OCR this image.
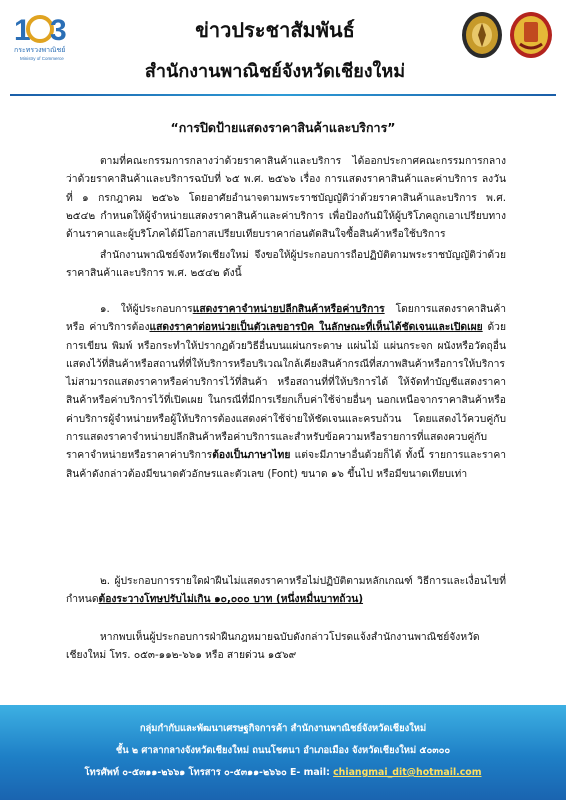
1 3
กระทรวงพาณิชย์
Ministry of Commerce
ข่าวประชาสัมพันธ์
สำนักงานพาณิชย์จังหวัดเชียงใหม่
“การปิดป้ายแสดงราคาสินค้าและบริการ”

ตามที่คณะกรรมการกลางว่าด้วยราคาสินค้าและบริการ ได้ออกประกาศคณะกรรมการกลางว่าด้วยราคาสินค้าและบริการฉบับที่ ๖๕ พ.ศ. ๒๕๖๖ เรื่อง การแสดงราคาสินค้าและค่าบริการ ลงวันที่ ๑ กรกฎาคม ๒๕๖๖ โดยอาศัยอำนาจตามพระราชบัญญัติว่าด้วยราคาสินค้าและบริการ พ.ศ. ๒๕๔๒ กำหนดให้ผู้จำหน่ายแสดงราคาสินค้าและค่าบริการ เพื่อป้องกันมิให้ผู้บริโภคถูกเอาเปรียบทางด้านราคาและผู้บริโภคได้มีโอกาสเปรียบเทียบราคาก่อนตัดสินใจซื้อสินค้าหรือใช้บริการ

สำนักงานพาณิชย์จังหวัดเชียงใหม่ จึงขอให้ผู้ประกอบการถือปฏิบัติตามพระราชบัญญัติว่าด้วย ราคาสินค้าและบริการ พ.ศ. ๒๕๔๒ ดังนี้

๑. ให้ผู้ประกอบการแสดงราคาจำหน่ายปลีกสินค้าหรือค่าบริการ โดยการแสดงราคาสินค้าหรือ ค่าบริการต้องแสดงราคาต่อหน่วยเป็นตัวเลขอารบิค ในลักษณะที่เห็นได้ชัดเจนและเปิดเผย ด้วยการเขียน พิมพ์ หรือกระทำให้ปรากฏด้วยวิธีอื่นบนแผ่นกระดาษ แผ่นไม้ แผ่นกระจก ผนังหรือวัตถุอื่น แสดงไว้ที่สินค้าหรือสถานที่ที่ให้บริการหรือบริเวณใกล้เคียงสินค้ากรณีที่สภาพสินค้าหรือการให้บริการไม่สามารถแสดงราคาหรือค่าบริการไว้ที่สินค้า หรือสถานที่ที่ให้บริการได้ ให้จัดทำบัญชีแสดงราคาสินค้าหรือค่าบริการไว้ที่เปิดเผย ในกรณีที่มีการเรียกเก็บค่าใช้จ่ายอื่นๆ นอกเหนือจากราคาสินค้าหรือค่าบริการผู้จำหน่ายหรือผู้ให้บริการต้องแสดงค่าใช้จ่ายให้ชัดเจนและครบถ้วน โดยแสดงไว้ควบคู่กับการแสดงราคาจำหน่ายปลีกสินค้าหรือค่าบริการและสำหรับข้อความหรือรายการที่แสดงควบคู่กับราคาจำหน่ายหรือราคาค่าบริการต้องเป็นภาษาไทย แต่จะมีภาษาอื่นด้วยก็ได้ ทั้งนี้ รายการและราคาสินค้าดังกล่าวต้องมีขนาดตัวอักษรและตัวเลข (Font) ขนาด ๑๖ ขึ้นไป หรือมีขนาดเทียบเท่า

๒. ผู้ประกอบการรายใดฝ่าฝืนไม่แสดงราคาหรือไม่ปฏิบัติตามหลักเกณฑ์ วิธีการและเงื่อนไขที่กำหนดต้องระวางโทษปรับไม่เกิน ๑๐,๐๐๐ บาท (หนึ่งหมื่นบาทถ้วน)

หากพบเห็นผู้ประกอบการฝ่าฝืนกฎหมายฉบับดังกล่าวโปรดแจ้งสำนักงานพาณิชย์จังหวัดเชียงใหม่ โทร. ๐๕๓-๑๑๒-๖๖๑ หรือ สายด่วน ๑๕๖๙

กลุ่มกำกับและพัฒนาเศรษฐกิจการค้า สำนักงานพาณิชย์จังหวัดเชียงใหม่
ชั้น ๒ ศาลากลางจังหวัดเชียงใหม่ ถนนโชตนา อำเภอเมือง จังหวัดเชียงใหม่ ๕๐๓๐๐
โทรศัพท์ ๐-๕๓๑๑-๒๖๖๑ โทรสาร ๐-๕๓๑๑-๒๖๖๐ E- mail: chiangmai_dit@hotmail.com
